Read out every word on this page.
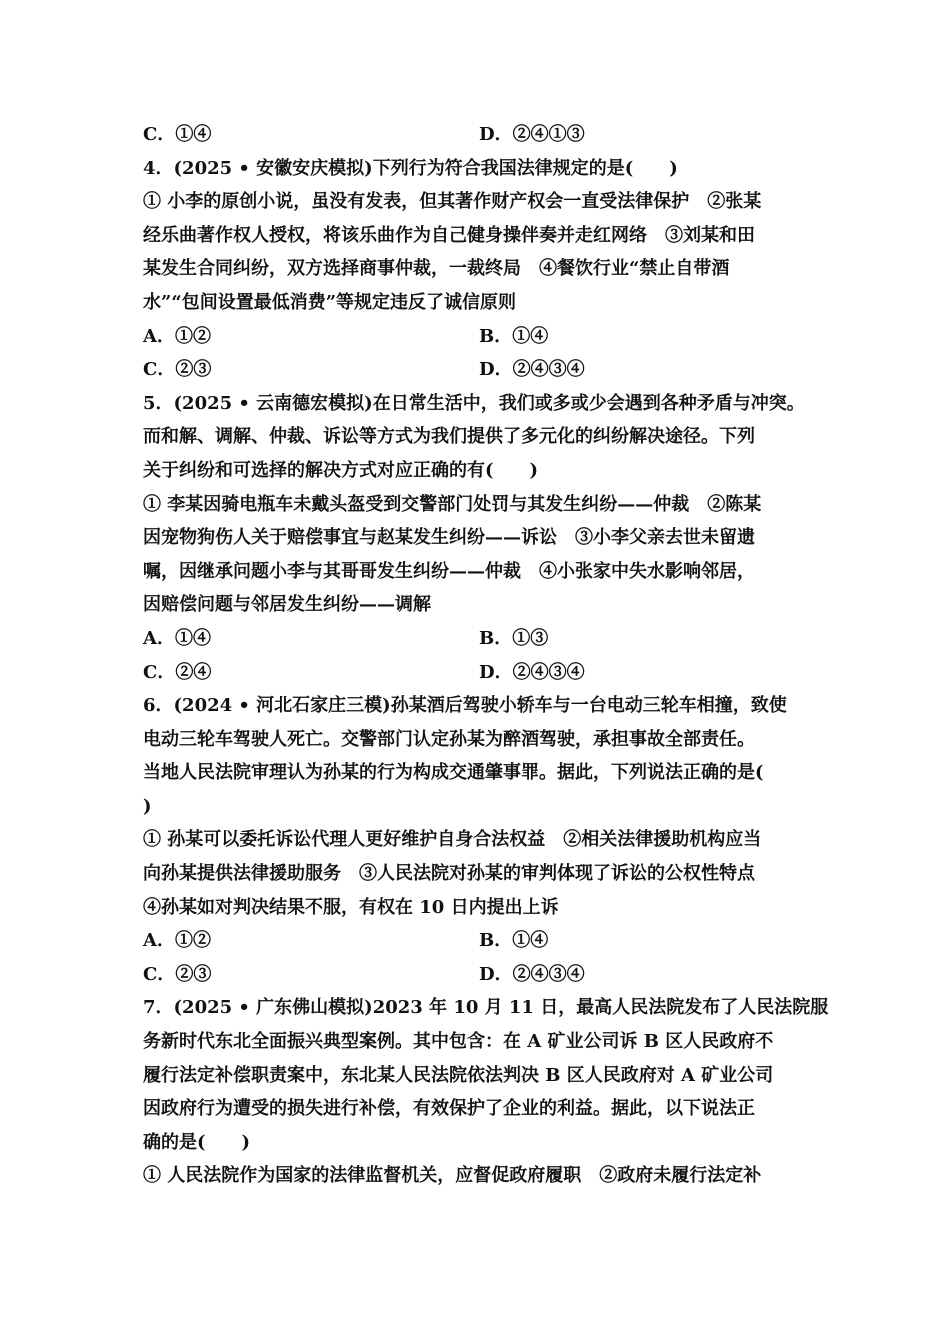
C．①④	D．②④①③
4．(2025 • 安徽安庆模拟)下列行为符合我国法律规定的是(　　)
① 小李的原创小说，虽没有发表，但其著作财产权会一直受法律保护　②张某
经乐曲著作权人授权，将该乐曲作为自己健身操伴奏并走红网络　③刘某和田
某发生合同纠纷，双方选择商事仲裁，一裁终局　④餐饮行业“禁止自带酒
水”“包间设置最低消费”等规定违反了诚信原则
A．①②	B．①④
C．②③	D．②④③④
5．(2025 • 云南德宏模拟)在日常生活中，我们或多或少会遇到各种矛盾与冲突。
而和解、调解、仲裁、诉讼等方式为我们提供了多元化的纠纷解决途径。下列
关于纠纷和可选择的解决方式对应正确的有(　　)
① 李某因骑电瓶车未戴头盔受到交警部门处罚与其发生纠纷——仲裁　②陈某
因宠物狗伤人关于赔偿事宜与赵某发生纠纷——诉讼　③小李父亲去世未留遗
嘱，因继承问题小李与其哥哥发生纠纷——仲裁　④小张家中失水影响邻居，
因赔偿问题与邻居发生纠纷——调解
A．①④	B．①③
C．②④	D．②④③④
6．(2024 • 河北石家庄三模)孙某酒后驾驶小轿车与一台电动三轮车相撞，致使
电动三轮车驾驶人死亡。交警部门认定孙某为醉酒驾驶，承担事故全部责任。
当地人民法院审理认为孙某的行为构成交通肇事罪。据此，下列说法正确的是(
)
① 孙某可以委托诉讼代理人更好维护自身合法权益　②相关法律援助机构应当
向孙某提供法律援助服务　③人民法院对孙某的审判体现了诉讼的公权性特点
④孙某如对判决结果不服，有权在 10 日内提出上诉
A．①②	B．①④
C．②③	D．②④③④
7．(2025 • 广东佛山模拟)2023 年 10 月 11 日，最高人民法院发布了人民法院服
务新时代东北全面振兴典型案例。其中包含：在 A 矿业公司诉 B 区人民政府不
履行法定补偿职责案中，东北某人民法院依法判决 B 区人民政府对 A 矿业公司
因政府行为遭受的损失进行补偿，有效保护了企业的利益。据此，以下说法正
确的是(　　)
① 人民法院作为国家的法律监督机关，应督促政府履职　②政府未履行法定补
